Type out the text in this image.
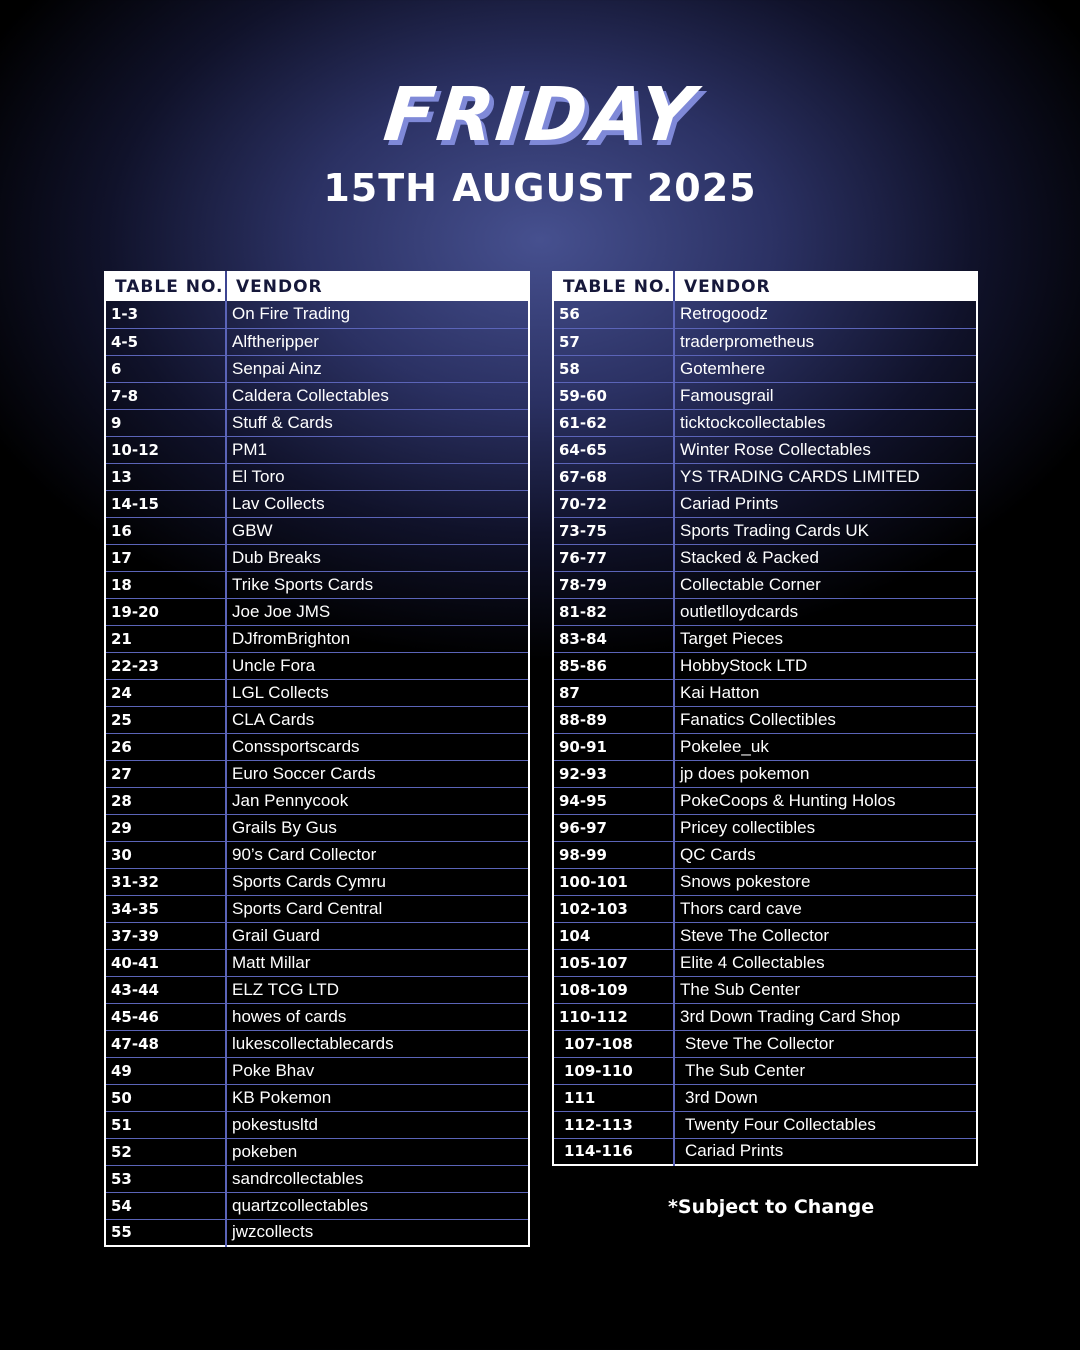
FRIDAY
15TH AUGUST 2025
TABLE NO.	VENDOR
1-3	On Fire Trading
4-5	Alftheripper
6	Senpai Ainz
7-8	Caldera Collectables
9	Stuff & Cards
10-12	PM1
13	El Toro
14-15	Lav Collects
16	GBW
17	Dub Breaks
18	Trike Sports Cards
19-20	Joe Joe JMS
21	DJfromBrighton
22-23	Uncle Fora
24	LGL Collects
25	CLA Cards
26	Conssportscards
27	Euro Soccer Cards
28	Jan Pennycook
29	Grails By Gus
30	90’s Card Collector
31-32	Sports Cards Cymru
34-35	Sports Card Central
37-39	Grail Guard
40-41	Matt Millar
43-44	ELZ TCG LTD
45-46	howes of cards
47-48	lukescollectablecards
49	Poke Bhav
50	KB Pokemon
51	pokestusltd
52	pokeben
53	sandrcollectables
54	quartzcollectables
55	jwzcollects
TABLE NO.	VENDOR
56	Retrogoodz
57	traderprometheus
58	Gotemhere
59-60	Famousgrail
61-62	ticktockcollectables
64-65	Winter Rose Collectables
67-68	YS TRADING CARDS LIMITED
70-72	Cariad Prints
73-75	Sports Trading Cards UK
76-77	Stacked & Packed
78-79	Collectable Corner
81-82	outletlloydcards
83-84	Target Pieces
85-86	HobbyStock LTD
87	Kai Hatton
88-89	Fanatics Collectibles
90-91	Pokelee_uk
92-93	jp does pokemon
94-95	PokeCoops & Hunting Holos
96-97	Pricey collectibles
98-99	QC Cards
100-101	Snows pokestore
102-103	Thors card cave
104	Steve The Collector
105-107	Elite 4 Collectables
108-109	The Sub Center
110-112	3rd Down Trading Card Shop
107-108	Steve The Collector
109-110	The Sub Center
111	3rd Down
112-113	Twenty Four Collectables
114-116	Cariad Prints
*Subject to Change
